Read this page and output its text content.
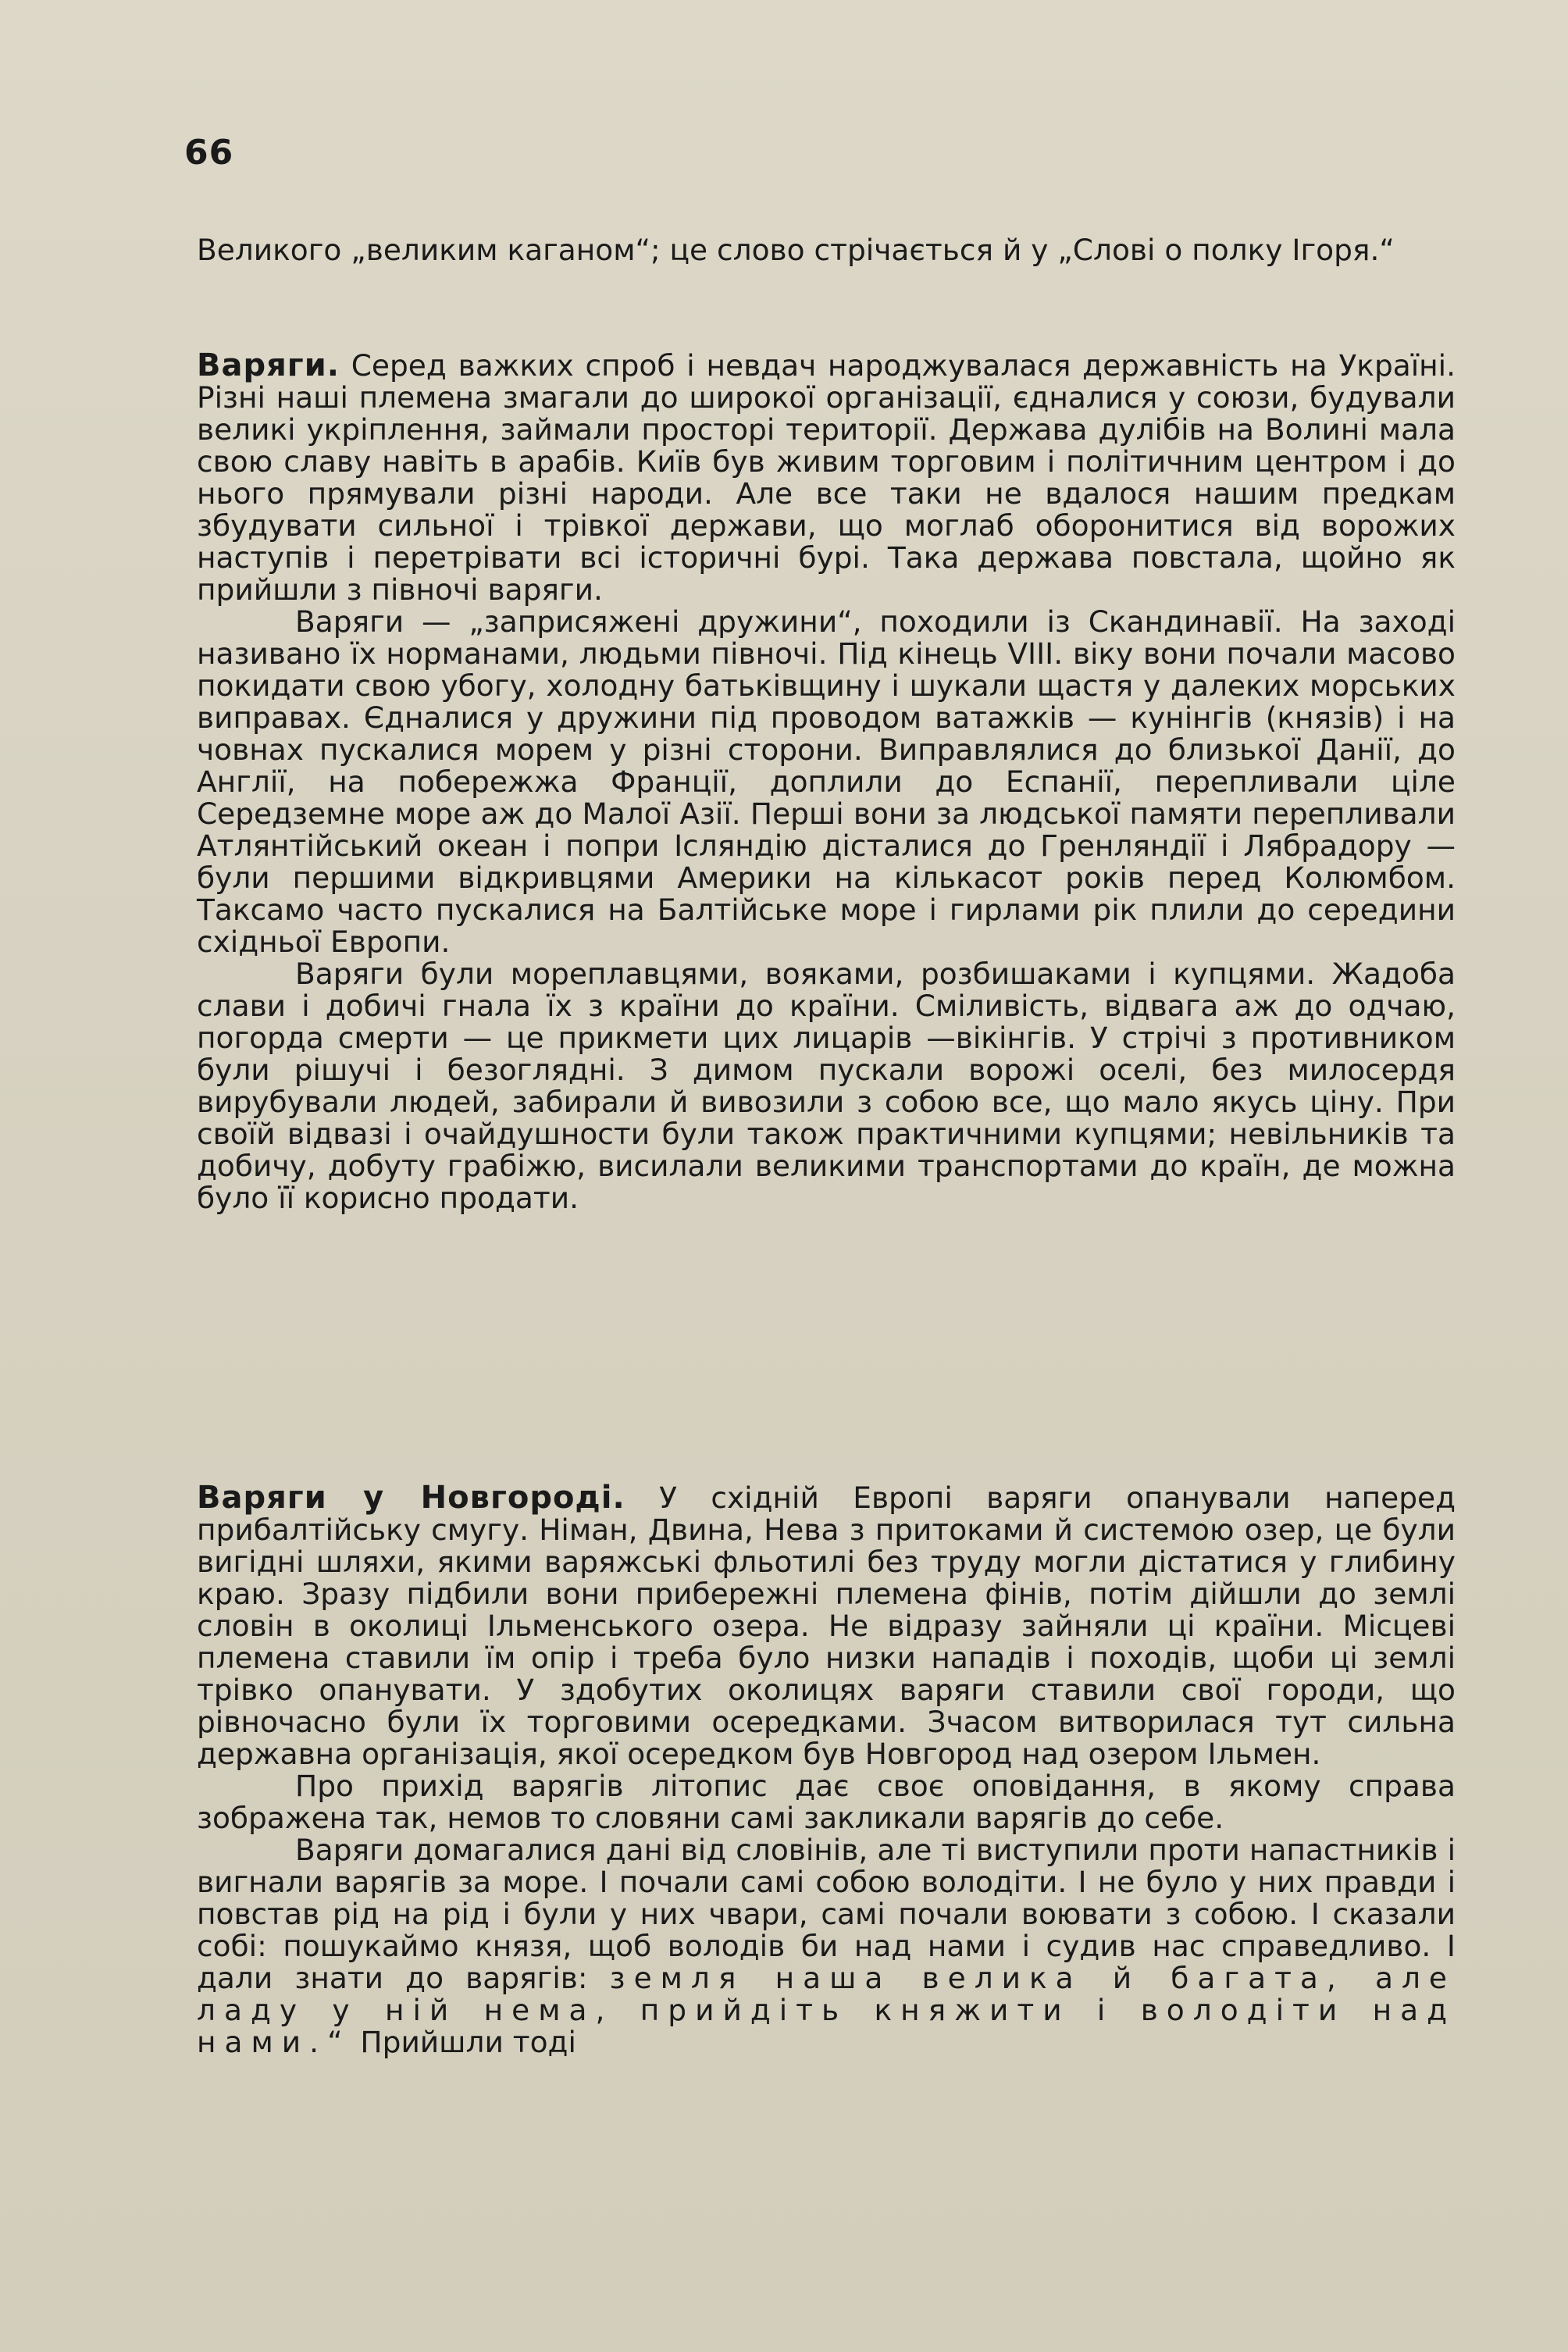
66

Великого „великим каганом“; це слово стрічається й у „Слові о полку Ігоря.“

Варяги. Серед важких спроб і невдач народжувалася державність на Україні. Різні наші племена змагали до широкої організації, єдналися у союзи, будували великі укріплення, займали просторі території. Держава дулібів на Волині мала свою славу навіть в арабів. Київ був живим торговим і політичним центром і до нього прямували різні народи. Але все таки не вдалося нашим предкам збудувати сильної і трівкої держави, що моглаб оборонитися від ворожих наступів і перетрівати всі історичні бурі. Така держава повстала, щойно як прийшли з півночі варяги.

Варяги — „заприсяжені дружини“, походили із Скандинавії. На заході називано їх норманами, людьми півночі. Під кінець VIII. віку вони почали масово покидати свою убогу, холодну батьківщину і шукали щастя у далеких морських виправах. Єдналися у дружини під проводом ватажків — кунінгів (князів) і на човнах пускалися морем у різні сторони. Виправлялися до близької Данії, до Англії, на побережжа Франції, доплили до Еспанії, перепливали ціле Середземне море аж до Малої Азії. Перші вони за людської памяти перепливали Атлянтійський океан і попри Ісляндію дісталися до Гренляндії і Лябрадору — були першими відкривцями Америки на кількасот років перед Колюмбом. Таксамо часто пускалися на Балтійське море і гирлами рік плили до середини східньої Европи.

Варяги були мореплавцями, вояками, розбишаками і купцями. Жадоба слави і добичі гнала їх з країни до країни. Сміливість, відвага аж до одчаю, погорда смерти — це прикмети цих лицарів —вікінгів. У стрічі з противником були рішучі і безоглядні. З димом пускали ворожі оселі, без милосердя вирубували людей, забирали й вивозили з собою все, що мало якусь ціну. При своїй відвазі і очайдушности були також практичними купцями; невільників та добичу, добуту грабіжю, висилали великими транспортами до країн, де можна було її корисно продати.

Варяги у Новгороді. У східній Европі варяги опанували наперед прибалтійську смугу. Німан, Двина, Нева з притоками й системою озер, це були вигідні шляхи, якими варяжські фльотилі без труду могли дістатися у глибину краю. Зразу підбили вони прибережні племена фінів, потім дійшли до землі словін в околиці Ільменського озера. Не відразу зайняли ці країни. Місцеві племена ставили їм опір і треба було низки нападів і походів, щоби ці землі трівко опанувати. У здобутих околицях варяги ставили свої городи, що рівночасно були їх торговими осередками. Зчасом витворилася тут сильна державна організація, якої осередком був Новгород над озером Ільмен.

Про прихід варягів літопис дає своє оповідання, в якому справа зображена так, немов то словяни самі закликали варягів до себе.

Варяги домагалися дані від словінів, але ті виступили проти напастників і вигнали варягів за море. І почали самі собою володіти. І не було у них правди і повстав рід на рід і були у них чвари, самі почали воювати з собою. І сказали собі: пошукаймо князя, щоб володів би над нами і судив нас справедливо. І дали знати до варягів: земля наша велика й багата, але ладу у ній нема, прийдіть княжити і володіти над нами.“ Прийшли тоді
